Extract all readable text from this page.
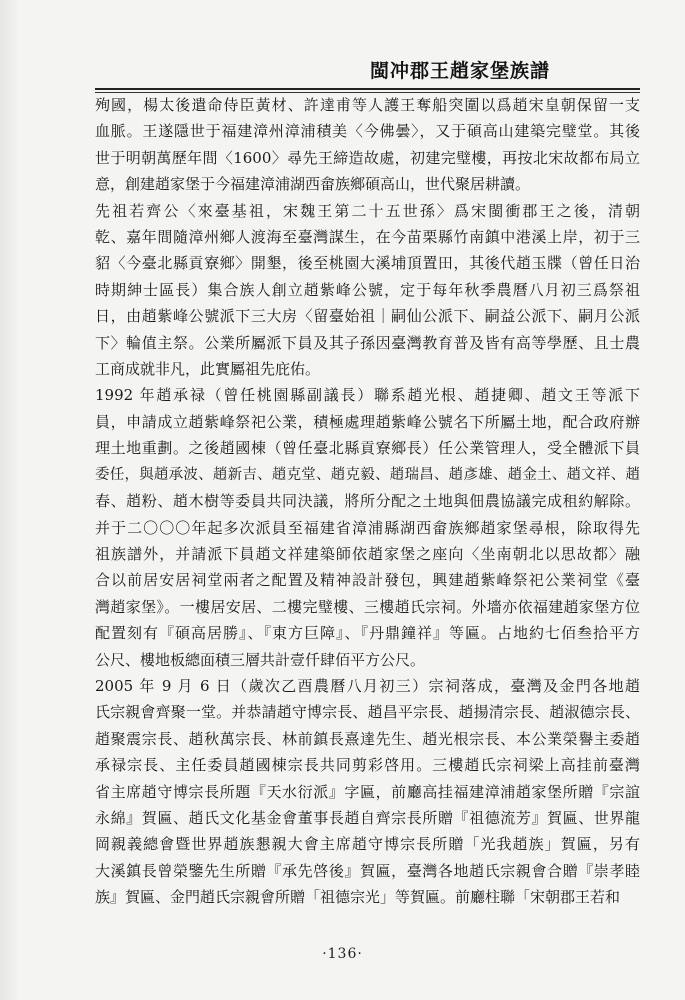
閩冲郡王趙家堡族譜
殉國，楊太後遣命侍臣黃材、許達甫等人護王奪船突圍以爲趙宋皇朝保留一支
血脈。王遂隱世于福建漳州漳浦積美〈今佛曇〉，又于碩高山建築完璧堂。其後
世于明朝萬歷年間〈1600〉尋先王締造故處，初建完璧樓，再按北宋故都布局立
意，創建趙家堡于今福建漳浦湖西畲族鄉碩高山，世代聚居耕讀。
先祖若齊公〈來臺基祖，宋魏王第二十五世孫〉爲宋閩衝郡王之後，清朝
乾、嘉年間隨漳州鄉人渡海至臺灣謀生，在今苗栗縣竹南鎮中港溪上岸，初于三
貂〈今臺北縣貢寮鄉〉開墾，後至桃園大溪埔頂置田，其後代趙玉牒（曾任日治
時期紳士區長）集合族人創立趙紫峰公號，定于每年秋季農曆八月初三爲祭祖
日，由趙紫峰公號派下三大房〈留臺始祖｜嗣仙公派下、嗣益公派下、嗣月公派
下〉輪值主祭。公業所屬派下員及其子孫因臺灣教育普及皆有高等學歷、且士農
工商成就非凡，此實屬祖先庇佑。
1992 年趙承禄（曾任桃園縣副議長）聯系趙光根、趙捷卿、趙文王等派下
員，申請成立趙紫峰祭祀公業，積極處理趙紫峰公號名下所屬土地，配合政府辦
理土地重劃。之後趙國棟（曾任臺北縣貢寮鄉長）任公業管理人，受全體派下員
委任，與趙承波、趙新吉、趙克堂、趙克毅、趙瑞昌、趙彥雄、趙金土、趙文祥、趙
春、趙粉、趙木樹等委員共同決議，將所分配之土地與佃農協議完成租約解除。
并于二〇〇〇年起多次派員至福建省漳浦縣湖西畲族鄉趙家堡尋根，除取得先
祖族譜外，并請派下員趙文祥建築師依趙家堡之座向〈坐南朝北以思故都〉融
合以前居安居祠堂兩者之配置及精神設計發包，興建趙紫峰祭祀公業祠堂《臺
灣趙家堡》。一樓居安居、二樓完璧樓、三樓趙氏宗祠。外墻亦依福建趙家堡方位
配置刻有『碩高居勝』、『東方巨障』、『丹鼎鐘祥』等匾。占地約七佰叁拾平方
公尺、樓地板總面積三層共計壹仟肆佰平方公尺。
2005 年 9 月 6 日（歲次乙酉農曆八月初三）宗祠落成，臺灣及金門各地趙
氏宗親會齊聚一堂。并恭請趙守博宗長、趙昌平宗長、趙揚清宗長、趙淑德宗長、
趙聚震宗長、趙秋萬宗長、林前鎮長熹達先生、趙光根宗長、本公業榮譽主委趙
承禄宗長、主任委員趙國棟宗長共同剪彩啓用。三樓趙氏宗祠梁上高挂前臺灣
省主席趙守博宗長所題『天水衍派』字匾，前廳高挂福建漳浦趙家堡所贈『宗誼
永綿』賀匾、趙氏文化基金會董事長趙自齊宗長所贈『祖德流芳』賀匾、世界龍
岡親義總會暨世界趙族懇親大會主席趙守博宗長所贈「光我趙族」賀匾，另有
大溪鎮長曾榮鑒先生所贈『承先啓後』賀匾，臺灣各地趙氏宗親會合贈『崇孝睦
族』賀匾、金門趙氏宗親會所贈「祖德宗光」等賀匾。前廳柱聯「宋朝郡王若和
·136·
